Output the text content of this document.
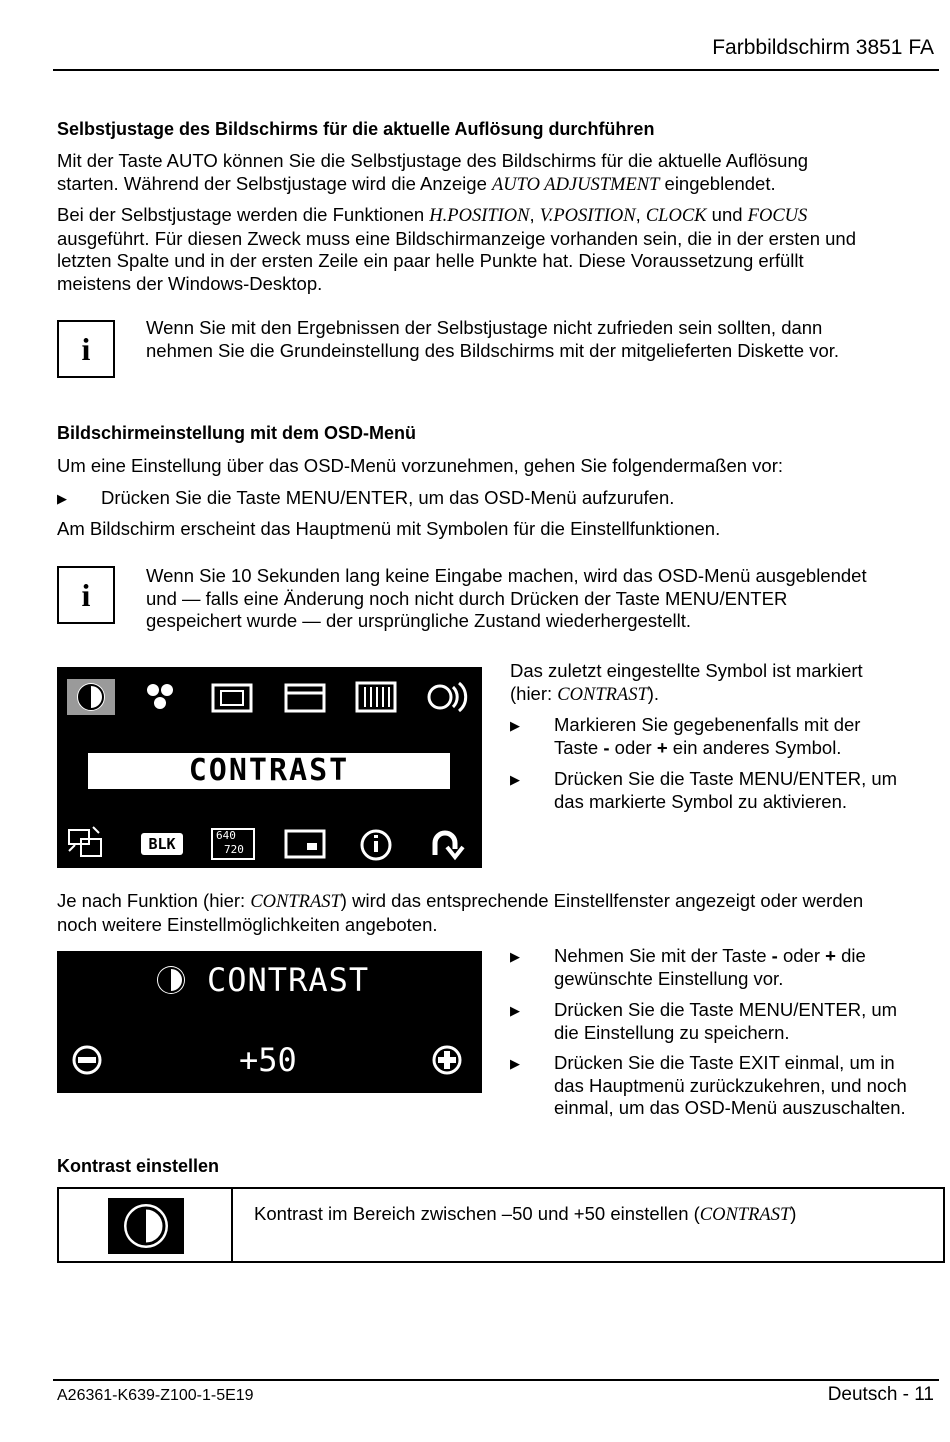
Farbbildschirm 3851 FA
Selbstjustage des Bildschirms für die aktuelle Auflösung durchführen
Mit der Taste AUTO können Sie die Selbstjustage des Bildschirms für die aktuelle Auflösung
starten. Während der Selbstjustage wird die Anzeige AUTO ADJUSTMENT eingeblendet.
Bei der Selbstjustage werden die Funktionen H.POSITION, V.POSITION, CLOCK und FOCUS
ausgeführt. Für diesen Zweck muss eine Bildschirmanzeige vorhanden sein, die in der ersten und
letzten Spalte und in der ersten Zeile ein paar helle Punkte hat. Diese Voraussetzung erfüllt
meistens der Windows-Desktop.
i
Wenn Sie mit den Ergebnissen der Selbstjustage nicht zufrieden sein sollten, dann
nehmen Sie die Grundeinstellung des Bildschirms mit der mitgelieferten Diskette vor.
Bildschirmeinstellung mit dem OSD-Menü
Um eine Einstellung über das OSD-Menü vorzunehmen, gehen Sie folgendermaßen vor:
▶ Drücken Sie die Taste MENU/ENTER, um das OSD-Menü aufzurufen.
Am Bildschirm erscheint das Hauptmenü mit Symbolen für die Einstellfunktionen.
i
Wenn Sie 10 Sekunden lang keine Eingabe machen, wird das OSD-Menü ausgeblendet
und — falls eine Änderung noch nicht durch Drücken der Taste MENU/ENTER
gespeichert wurde — der ursprüngliche Zustand wiederhergestellt.
CONTRAST
BLK	640
720
Das zuletzt eingestellte Symbol ist markiert
(hier: CONTRAST).
▶ Markieren Sie gegebenenfalls mit der
Taste - oder + ein anderes Symbol.
▶ Drücken Sie die Taste MENU/ENTER, um
das markierte Symbol zu aktivieren.
Je nach Funktion (hier: CONTRAST) wird das entsprechende Einstellfenster angezeigt oder werden
noch weitere Einstellmöglichkeiten angeboten.
CONTRAST
+50
▶ Nehmen Sie mit der Taste - oder + die
gewünschte Einstellung vor.
▶ Drücken Sie die Taste MENU/ENTER, um
die Einstellung zu speichern.
▶ Drücken Sie die Taste EXIT einmal, um in
das Hauptmenü zurückzukehren, und noch
einmal, um das OSD-Menü auszuschalten.
Kontrast einstellen
Kontrast im Bereich zwischen –50 und +50 einstellen (CONTRAST)
A26361-K639-Z100-1-5E19	Deutsch - 11
